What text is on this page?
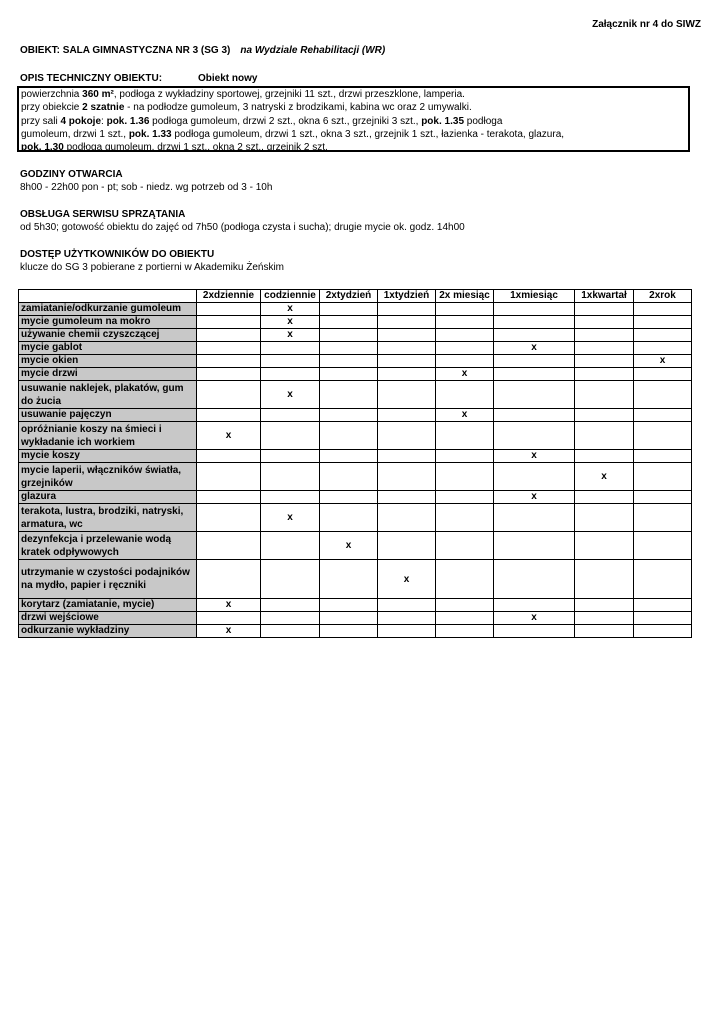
Załącznik nr 4 do SIWZ
OBIEKT: SALA GIMNASTYCZNA NR 3 (SG 3) na Wydziale Rehabilitacji (WR)
OPIS TECHNICZNY OBIEKTU:	Obiekt nowy
powierzchnia 360 m², podłoga z wykładziny sportowej, grzejniki 11 szt., drzwi przeszklone, lamperia.
przy obiekcie 2 szatnie - na podłodze gumoleum, 3 natryski z brodzikami, kabina wc oraz 2 umywalki.
przy sali 4 pokoje: pok. 1.36 podłoga gumoleum, drzwi 2 szt., okna 6 szt., grzejniki 3 szt., pok. 1.35 podłoga
gumoleum, drzwi 1 szt., pok. 1.33 podłoga gumoleum, drzwi 1 szt., okna 3 szt., grzejnik 1 szt., łazienka - terakota, glazura,
pok. 1.30 podłoga gumoleum, drzwi 1 szt., okna 2 szt., grzejnik 2 szt.
GODZINY OTWARCIA
8h00 - 22h00 pon - pt; sob - niedz. wg potrzeb od 3 - 10h
OBSŁUGA SERWISU SPRZĄTANIA
od 5h30; gotowość obiektu do zajęć od 7h50 (podłoga czysta i sucha); drugie mycie ok. godz. 14h00
DOSTĘP UŻYTKOWNIKÓW DO OBIEKTU
klucze do SG 3 pobierane z portierni w Akademiku Żeńskim
	2xdziennie	codziennie	2xtydzień	1xtydzień	2x miesiąc	1xmiesiąc	1xkwartał	2xrok

zamiatanie/odkurzanie gumoleum		x						

mycie gumoleum na mokro		x						

używanie chemii czyszczącej		x						

mycie gablot						x		

mycie okien								x

mycie drzwi					x			

usuwanie naklejek, plakatów, gum
do żucia		x						

usuwanie pajęczyn					x			

opróżnianie koszy na śmieci i
wykładanie ich workiem	x							

mycie koszy						x		

mycie laperii, włączników światła,
grzejników							x	

glazura						x		

terakota, lustra, brodziki, natryski,
armatura, wc		x						

dezynfekcja i przelewanie wodą
kratek odpływowych			x					

utrzymanie w czystości podajników
na mydło, papier i ręczniki				x				

korytarz (zamiatanie, mycie)	x							

drzwi wejściowe						x		

odkurzanie wykładziny	x							
